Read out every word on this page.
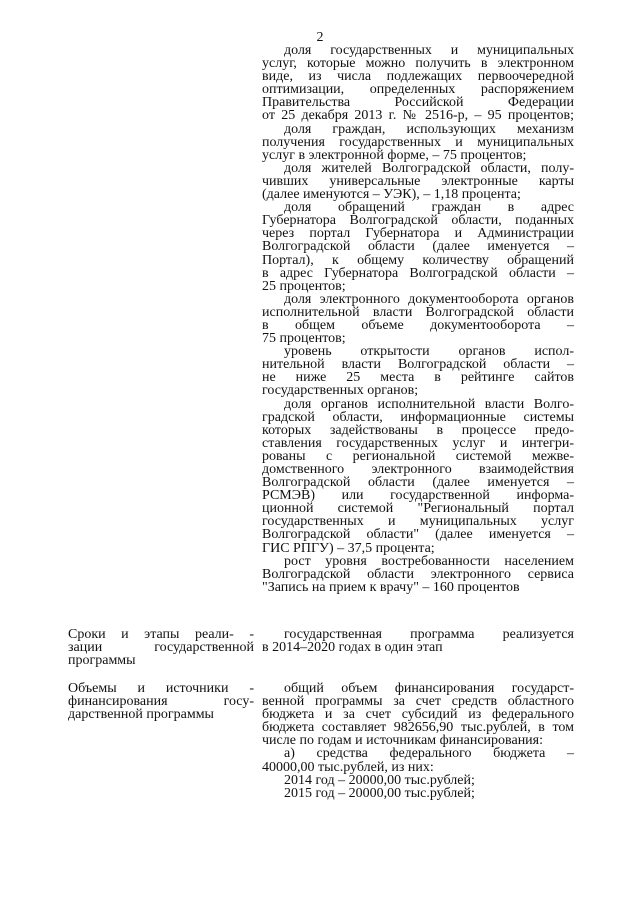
2
доля государственных и муниципальных
услуг, которые можно получить в электронном
виде, из числа подлежащих первоочередной
оптимизации, определенных распоряжением
Правительства Российской Федерации
от 25 декабря 2013 г. № 2516-р, – 95 процентов;
доля граждан, использующих механизм
получения государственных и муниципальных
услуг в электронной форме, – 75 процентов;
доля жителей Волгоградской области, полу-
чивших универсальные электронные карты
(далее именуются – УЭК), – 1,18 процента;
доля обращений граждан в адрес
Губернатора Волгоградской области, поданных
через портал Губернатора и Администрации
Волгоградской области (далее именуется –
Портал), к общему количеству обращений
в адрес Губернатора Волгоградской области –
25 процентов;
доля электронного документооборота органов
исполнительной власти Волгоградской области
в общем объеме документооборота –
75 процентов;
уровень открытости органов испол-
нительной власти Волгоградской области –
не ниже 25 места в рейтинге сайтов
государственных органов;
доля органов исполнительной власти Волго-
градской области, информационные системы
которых задействованы в процессе предо-
ставления государственных услуг и интегри-
рованы с региональной системой межве-
домственного электронного взаимодействия
Волгоградской области (далее именуется –
РСМЭВ) или государственной информа-
ционной системой "Региональный портал
государственных и муниципальных услуг
Волгоградской области" (далее именуется –
ГИС РПГУ) – 37,5 процента;
рост уровня востребованности населением
Волгоградской области электронного сервиса
"Запись на прием к врачу" – 160 процентов
Сроки и этапы реали- -
зации государственной
программы
государственная программа реализуется
в 2014–2020 годах в один этап
Объемы и источники -
финансирования госу-
дарственной программы
общий объем финансирования государст-
венной программы за счет средств областного
бюджета и за счет субсидий из федерального
бюджета составляет 982656,90 тыс.рублей, в том
числе по годам и источникам финансирования:
а) средства федерального бюджета –
40000,00 тыс.рублей, из них:
2014 год – 20000,00 тыс.рублей;
2015 год – 20000,00 тыс.рублей;
